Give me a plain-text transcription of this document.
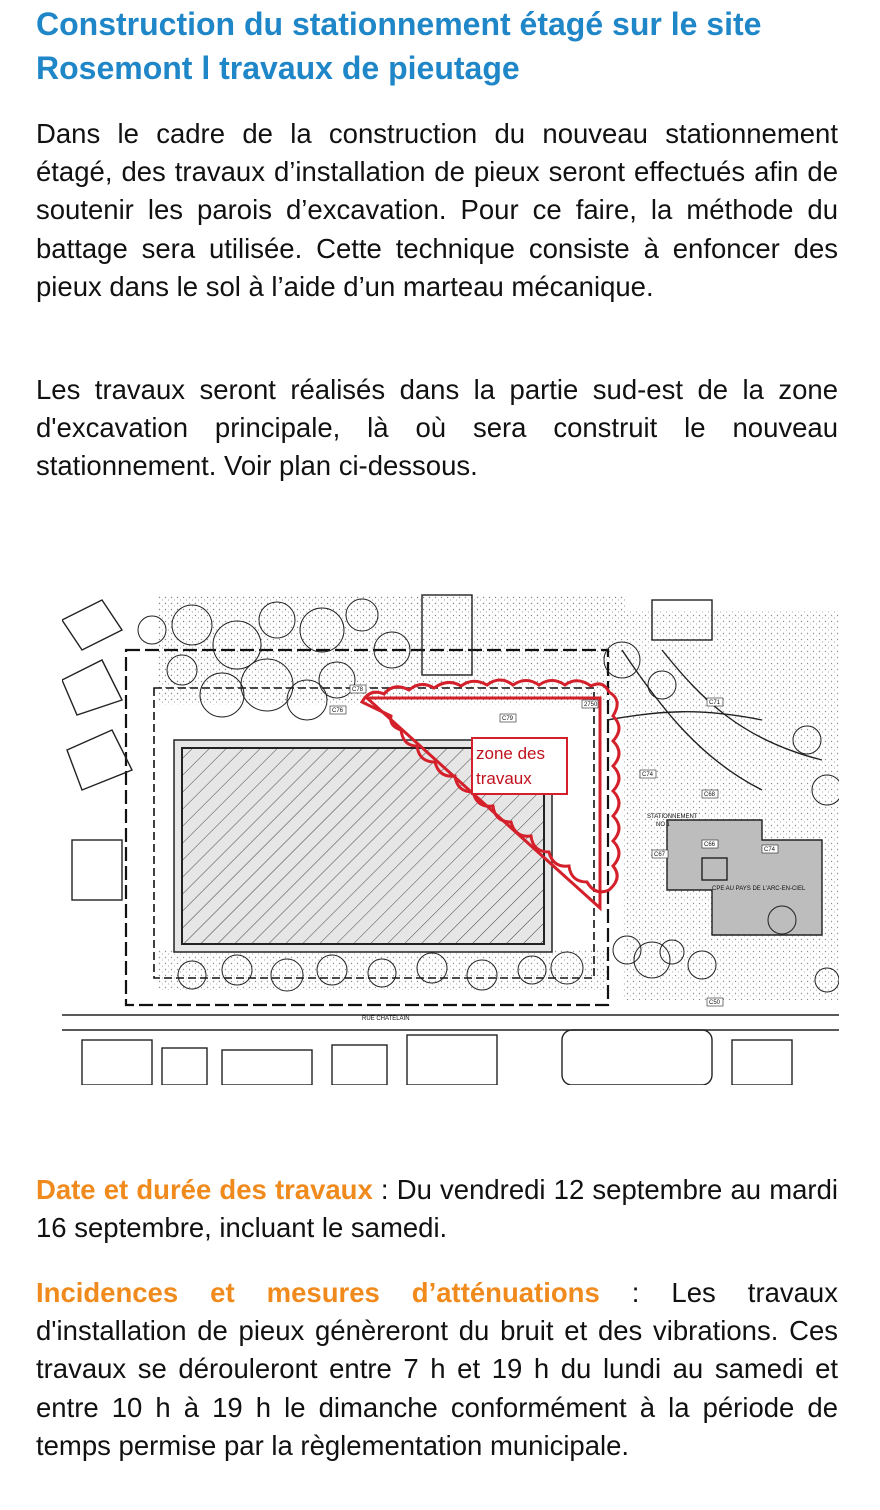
Construction du stationnement étagé sur le site Rosemont l travaux de pieutage

Dans le cadre de la construction du nouveau stationnement étagé, des travaux d’installation de pieux seront effectués afin de soutenir les parois d’excavation. Pour ce faire, la méthode du battage sera utilisée. Cette technique consiste à enfoncer des pieux dans le sol à l’aide d’un marteau mécanique.

Les travaux seront réalisés dans la partie sud-est de la zone d'excavation principale, là où sera construit le nouveau stationnement. Voir plan ci-dessous.

zone des
travaux
RUE CHATELAIN
STATIONNEMENT
NO 1
CPE AU PAYS DE L'ARC-EN-CIEL
C78
C79
C76
C74
C68
C67
C66
C50
C74
2750	C71

Date et durée des travaux : Du vendredi 12 septembre au mardi 16 septembre, incluant le samedi.

Incidences et mesures d’atténuations : Les travaux d'installation de pieux génèreront du bruit et des vibrations. Ces travaux se dérouleront entre 7 h et 19 h du lundi au samedi et entre 10 h à 19 h le dimanche conformément à la période de temps permise par la règlementation municipale.
